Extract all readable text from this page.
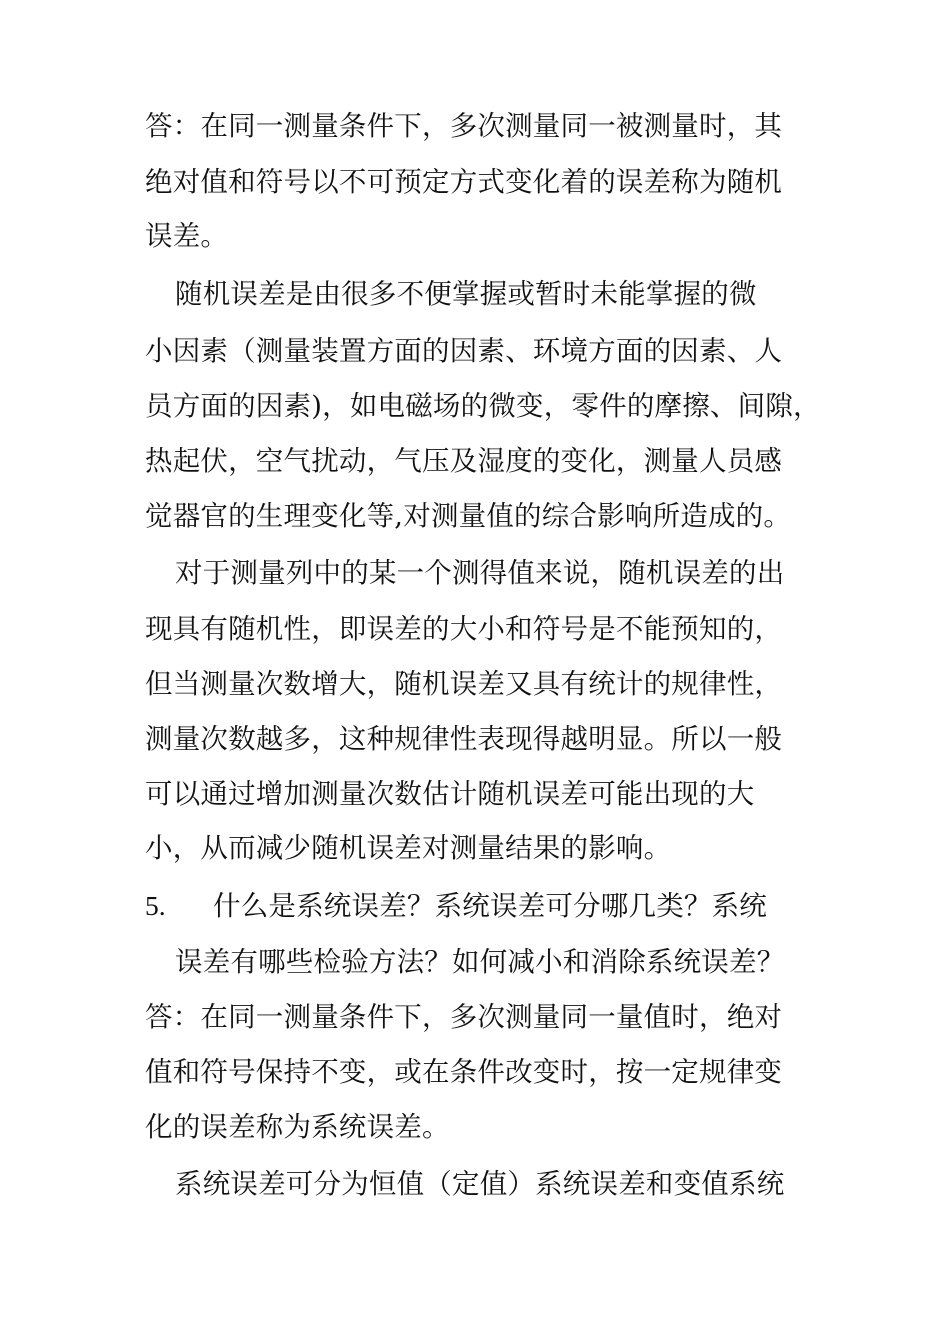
答：在同一测量条件下，多次测量同一被测量时，其
绝对值和符号以不可预定方式变化着的误差称为随机
误差。
随机误差是由很多不便掌握或暂时未能掌握的微
小因素（测量装置方面的因素、环境方面的因素、人
员方面的因素)，如电磁场的微变，零件的摩擦、间隙，
热起伏，空气扰动，气压及湿度的变化，测量人员感
觉器官的生理变化等,对测量值的综合影响所造成的。
对于测量列中的某一个测得值来说，随机误差的出
现具有随机性，即误差的大小和符号是不能预知的，
但当测量次数增大，随机误差又具有统计的规律性，
测量次数越多，这种规律性表现得越明显。所以一般
可以通过增加测量次数估计随机误差可能出现的大
小，从而减少随机误差对测量结果的影响。
5. 什么是系统误差？系统误差可分哪几类？系统
误差有哪些检验方法？如何减小和消除系统误差？
答：在同一测量条件下，多次测量同一量值时，绝对
值和符号保持不变，或在条件改变时，按一定规律变
化的误差称为系统误差。
系统误差可分为恒值（定值）系统误差和变值系统
